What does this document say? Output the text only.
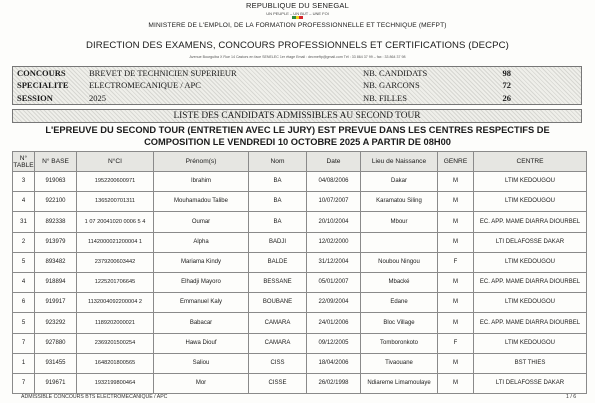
REPUBLIQUE DU SENEGAL
UN PEUPLE – UN BUT – UNE FOI
MINISTERE DE L'EMPLOI, DE LA FORMATION PROFESSIONNELLE ET TECHNIQUE (MEFPT)
DIRECTION DES EXAMENS, CONCOURS PROFESSIONNELS ET CERTIFICATIONS (DECPC)
Avenue Bourguiba X Rue 14 Castors en face SENELEC 1er étage Email : decmeftp@gmail.com Tél : 33 864 37 99 – fax : 33 864 37 98
CONCOURS	BREVET DE TECHNICIEN SUPERIEUR	NB. CANDIDATS	98
SPECIALITE ELECTROMECANIQUE / APC	NB. GARCONS	72
SESSION	2025	NB. FILLES	26
LISTE DES CANDIDATS ADMISSIBLES AU SECOND TOUR
L'EPREUVE DU SECOND TOUR (ENTRETIEN AVEC LE JURY) EST PREVUE DANS LES CENTRES RESPECTIFS DE
COMPOSITION LE VENDREDI 10 OCTOBRE 2025 A PARTIR DE 08H00
N° TABLE	N° BASE	N°CI	Prénom(s)	Nom	Date	Lieu de Naissance	GENRE	CENTRE
3	919063	1952200600971	Ibrahim	BA	04/08/2006	Dakar	M	LTIM KEDOUGOU
4	922100	1365200701311	Mouhamadou Talibe	BA	10/07/2007	Karamatou Siling	M	LTIM KEDOUGOU
31	892338	1 07 20041020 0006 5 4	Oumar	BA	20/10/2004	Mbour	M	EC. APP. MAME DIARRA DIOURBEL
2	913979	1142000021200004 1	Alpha	BADJI	12/02/2000		M	LTI DELAFOSSE DAKAR
5	893482	2379200603442	Mariama Kindy	BALDE	31/12/2004	Noubou Ningou	F	LTIM KEDOUGOU
4	918894	1225201706645	Elhadji Mayoro	BESSANE	05/01/2007	Mbacké	M	EC. APP. MAME DIARRA DIOURBEL
6	919917	1132004092200004 2	Emmanuel Kaly	BOUBANE	22/09/2004	Edane	M	LTIM KEDOUGOU
5	923292	1189202000021	Babacar	CAMARA	24/01/2006	Bloc Village	M	EC. APP. MAME DIARRA DIOURBEL
7	927880	2369201500254	Hawa Diouf	CAMARA	09/12/2005	Tomboronkoto	F	LTIM KEDOUGOU
1	931455	1648201800565	Saliou	CISS	18/04/2006	Tivaouane	M	BST THIES
7	919671	1932199800464	Mor	CISSE	26/02/1998	Ndiareme Limamoulaye	M	LTI DELAFOSSE DAKAR
ADMISSIBLE CONCOURS BTS ELECTROMECANIQUE / APC	1 / 6
